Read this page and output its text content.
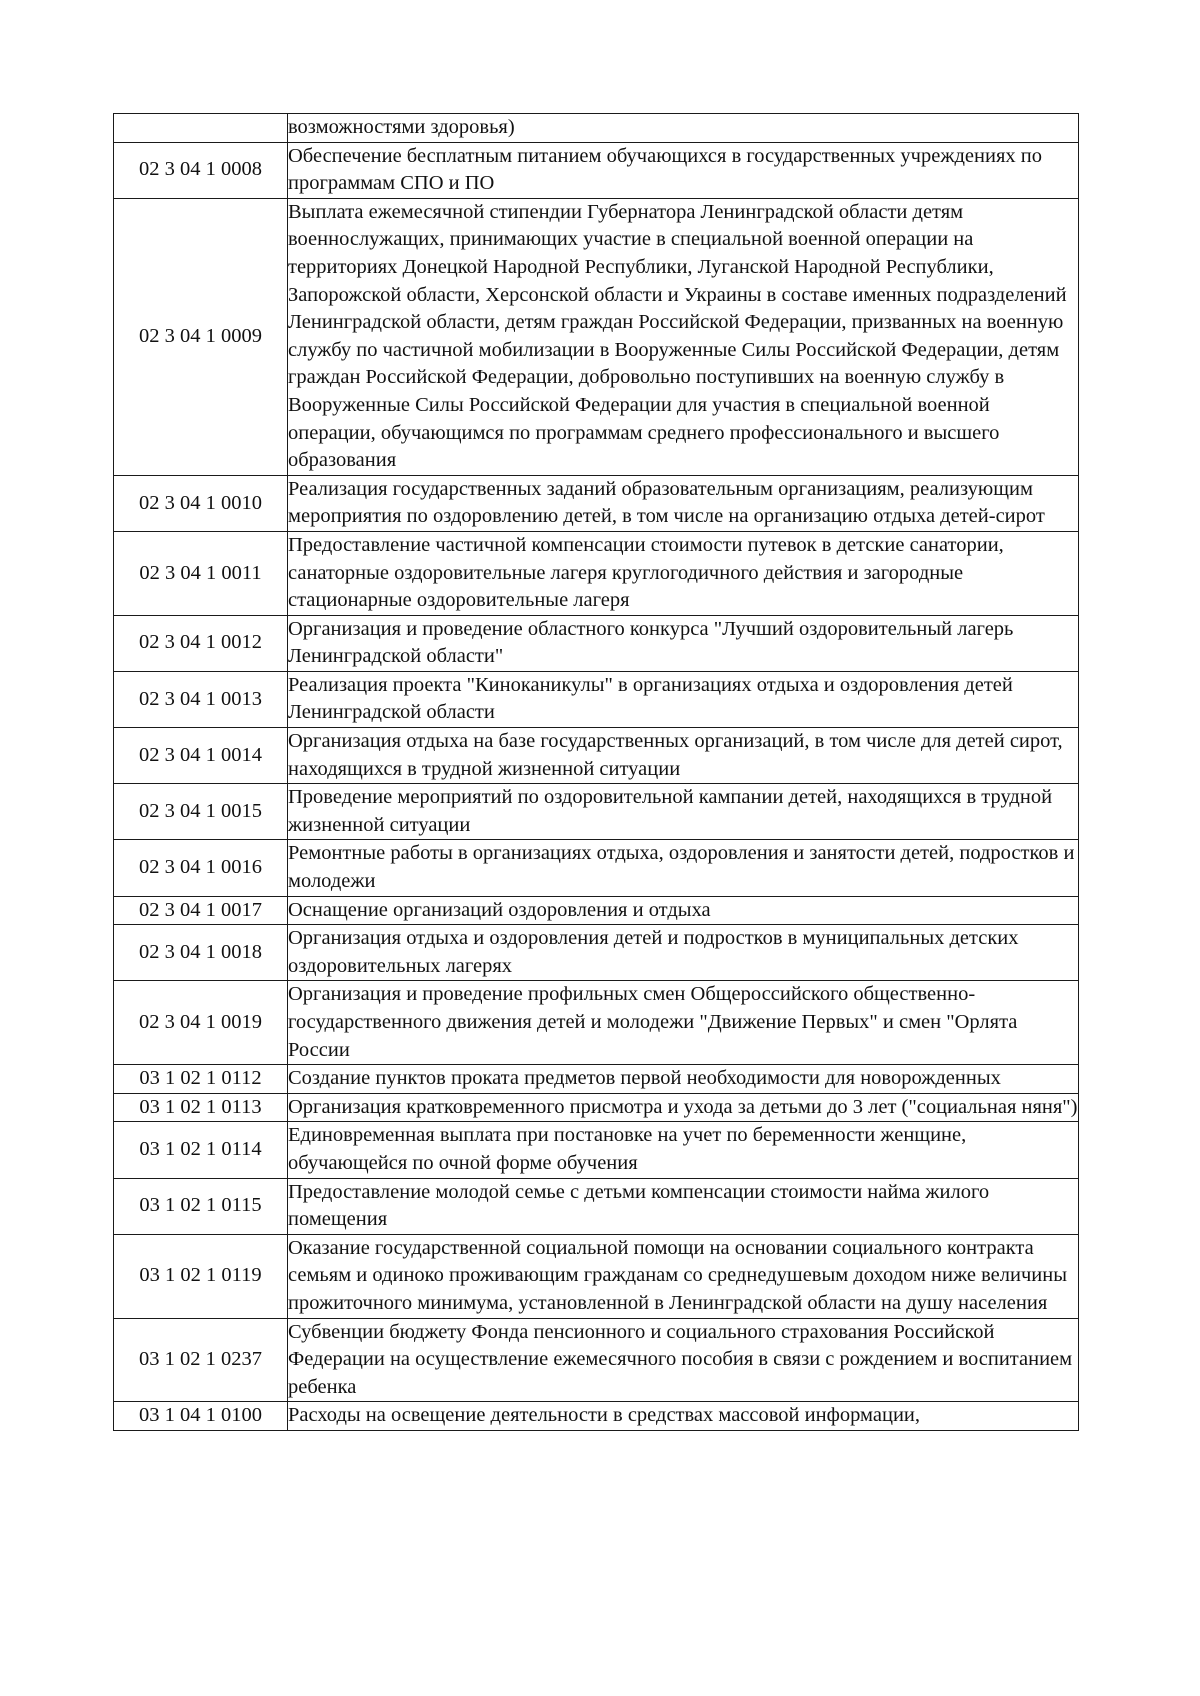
	возможностями здоровья)

02 3 04 1 0008	Обеспечение бесплатным питанием обучающихся в государственных учреждениях по программам СПО и ПО

02 3 04 1 0009	Выплата ежемесячной стипендии Губернатора Ленинградской области детям военнослужащих, принимающих участие в специальной военной операции на территориях Донецкой Народной Республики, Луганской Народной Республики, Запорожской области, Херсонской области и Украины в составе именных подразделений Ленинградской области, детям граждан Российской Федерации, призванных на военную службу по частичной мобилизации в Вооруженные Силы Российской Федерации, детям граждан Российской Федерации, добровольно поступивших на военную службу в Вооруженные Силы Российской Федерации для участия в специальной военной операции, обучающимся по программам среднего профессионального и высшего образования

02 3 04 1 0010	Реализация государственных заданий образовательным организациям, реализующим мероприятия по оздоровлению детей, в том числе на организацию отдыха детей-сирот

02 3 04 1 0011	Предоставление частичной компенсации стоимости путевок в детские санатории, санаторные оздоровительные лагеря круглогодичного действия и загородные стационарные оздоровительные лагеря

02 3 04 1 0012	Организация и проведение областного конкурса "Лучший оздоровительный лагерь Ленинградской области"

02 3 04 1 0013	Реализация проекта "Киноканикулы" в организациях отдыха и оздоровления детей Ленинградской области

02 3 04 1 0014	Организация отдыха на базе государственных организаций, в том числе для детей сирот, находящихся в трудной жизненной ситуации

02 3 04 1 0015	Проведение мероприятий по оздоровительной кампании детей, находящихся в трудной жизненной ситуации

02 3 04 1 0016	Ремонтные работы в организациях отдыха, оздоровления и занятости детей, подростков и молодежи

02 3 04 1 0017	Оснащение организаций оздоровления и отдыха

02 3 04 1 0018	Организация отдыха и оздоровления детей и подростков в муниципальных детских оздоровительных лагерях

02 3 04 1 0019	Организация и проведение профильных смен Общероссийского общественно-государственного движения детей и молодежи "Движение Первых" и смен "Орлята России

03 1 02 1 0112	Создание пунктов проката предметов первой необходимости для новорожденных

03 1 02 1 0113	Организация кратковременного присмотра и ухода за детьми до 3 лет ("социальная няня")

03 1 02 1 0114	Единовременная выплата при постановке на учет по беременности женщине, обучающейся по очной форме обучения

03 1 02 1 0115	Предоставление молодой семье с детьми компенсации стоимости найма жилого помещения

03 1 02 1 0119	Оказание государственной социальной помощи на основании социального контракта семьям и одиноко проживающим гражданам со среднедушевым доходом ниже величины прожиточного минимума, установленной в Ленинградской области на душу населения

03 1 02 1 0237	Субвенции бюджету Фонда пенсионного и социального страхования Российской Федерации на осуществление ежемесячного пособия в связи с рождением и воспитанием ребенка

03 1 04 1 0100	Расходы на освещение деятельности в средствах массовой информации,
